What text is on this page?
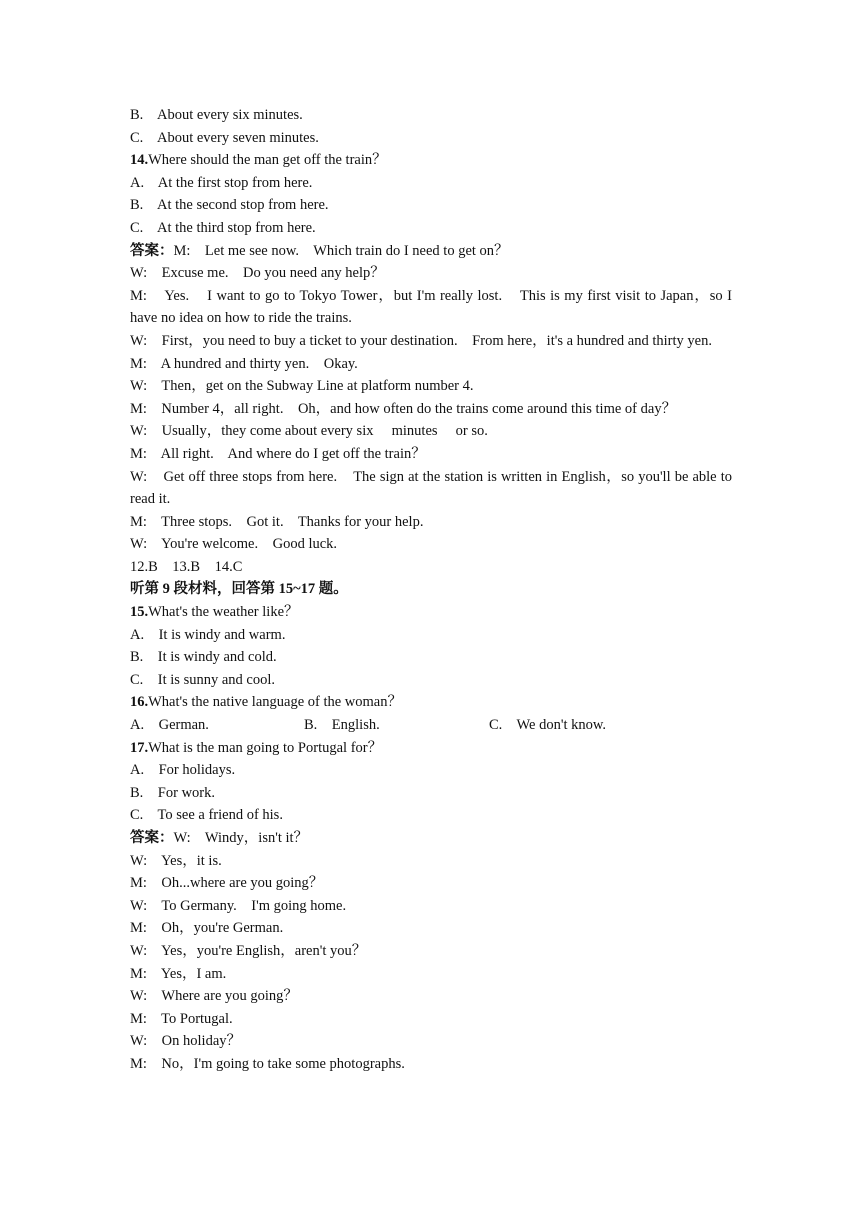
B.    About every six minutes.
C.    About every seven minutes.
14.Where should the man get off the train？
A.    At the first stop from here.
B.    At the second stop from here.
C.    At the third stop from here.
答案：M:    Let me see now.    Which train do I need to get on？
W:    Excuse me.    Do you need any help？
M:    Yes.    I want to go to Tokyo Tower，but I'm really lost.    This is my first visit to Japan，so I have no idea on how to ride the trains.
W:    First，you need to buy a ticket to your destination.    From here，it's a hundred and thirty yen.
M:    A hundred and thirty yen.    Okay.
W:    Then，get on the Subway Line at platform number 4.
M:    Number 4，all right.    Oh，and how often do the trains come around this time of day？
W:    Usually，they come about every six     minutes     or so.
M:    All right.    And where do I get off the train？
W:    Get off three stops from here.    The sign at the station is written in English，so you'll be able to read it.
M:    Three stops.    Got it.    Thanks for your help.
W:    You're welcome.    Good luck.
12.B    13.B    14.C
听第 9 段材料，回答第 15~17 题。
15.What's the weather like？
A.    It is windy and warm.
B.    It is windy and cold.
C.    It is sunny and cool.
16.What's the native language of the woman？
A.    German.	B.    English.	C.    We don't know.
17.What is the man going to Portugal for？
A.    For holidays.
B.    For work.
C.    To see a friend of his.
答案：W:    Windy，isn't it？
W:    Yes，it is.
M:    Oh...where are you going？
W:    To Germany.    I'm going home.
M:    Oh，you're German.
W:    Yes，you're English，aren't you？
M:    Yes，I am.
W:    Where are you going？
M:    To Portugal.
W:    On holiday？
M:    No，I'm going to take some photographs.
